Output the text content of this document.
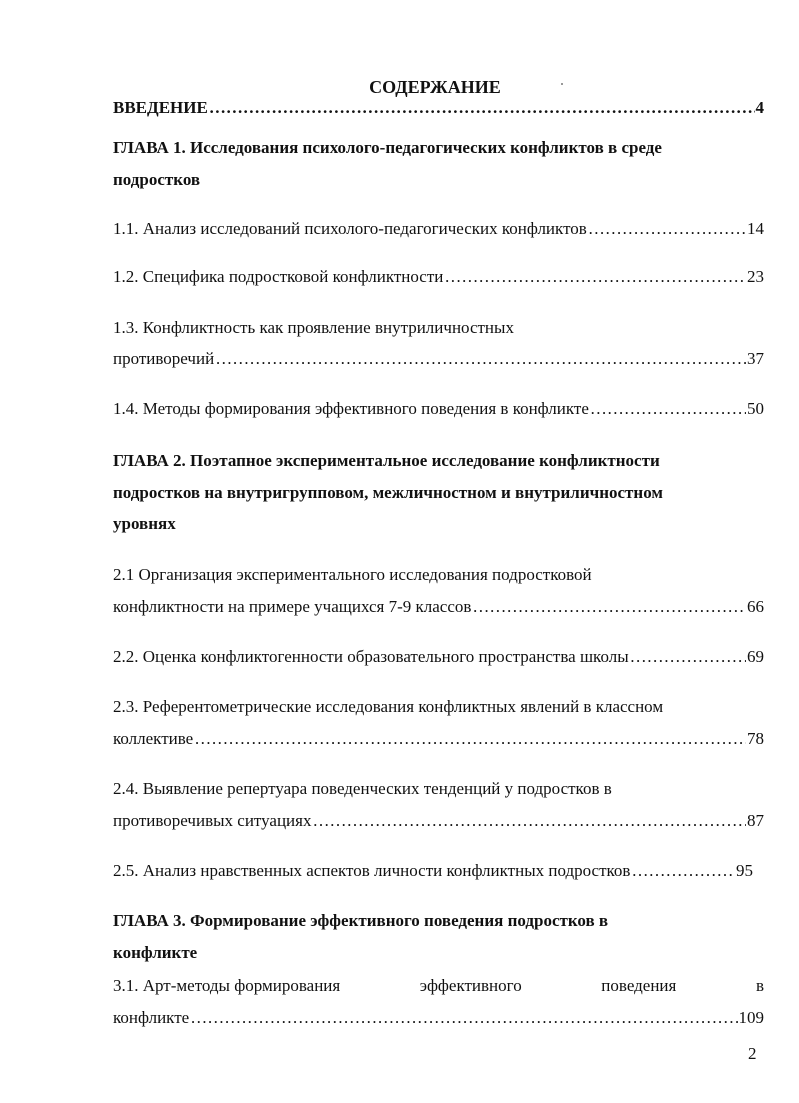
СОДЕРЖАНИЕ
ВВЕДЕНИЕ ……………………………………………………………………………………………………………………………………………………………………………………………………	4
ГЛАВА 1. Исследования психолого-педагогических конфликтов в среде
подростков
1.1. Анализ исследований психолого-педагогических конфликтов ……………………………………………………………………………………………………………………………………………………………………………………………………	14
1.2. Специфика подростковой конфликтности ……………………………………………………………………………………………………………………………………………………………………………………………………	23
1.3. Конфликтность как проявление внутриличностных
противоречий ……………………………………………………………………………………………………………………………………………………………………………………………………	37
1.4. Методы формирования эффективного поведения в конфликте ……………………………………………………………………………………………………………………………………………………………………………………………………	50
ГЛАВА 2. Поэтапное экспериментальное исследование конфликтности
подростков на внутригрупповом, межличностном и внутриличностном
уровнях
2.1 Организация экспериментального исследования подростковой
конфликтности на примере учащихся 7-9 классов ……………………………………………………………………………………………………………………………………………………………………………………………………	66
2.2. Оценка конфликтогенности образовательного пространства школы ……………………………………………………………………………………………………………………………………………………………………………………………………	69
2.3. Референтометрические исследования конфликтных явлений в классном
коллективе ……………………………………………………………………………………………………………………………………………………………………………………………………	78
2.4. Выявление репертуара поведенческих тенденций у подростков в
противоречивых ситуациях ……………………………………………………………………………………………………………………………………………………………………………………………………	87
2.5. Анализ нравственных аспектов личности конфликтных подростков ……………………………………………………………………………………………………………………………………………………………………………………………………	95
ГЛАВА 3. Формирование эффективного поведения подростков в
конфликте
3.1. Арт-методы формирования	эффективного	поведения	в
конфликте ……………………………………………………………………………………………………………………………………………………………………………………………………	109
2
